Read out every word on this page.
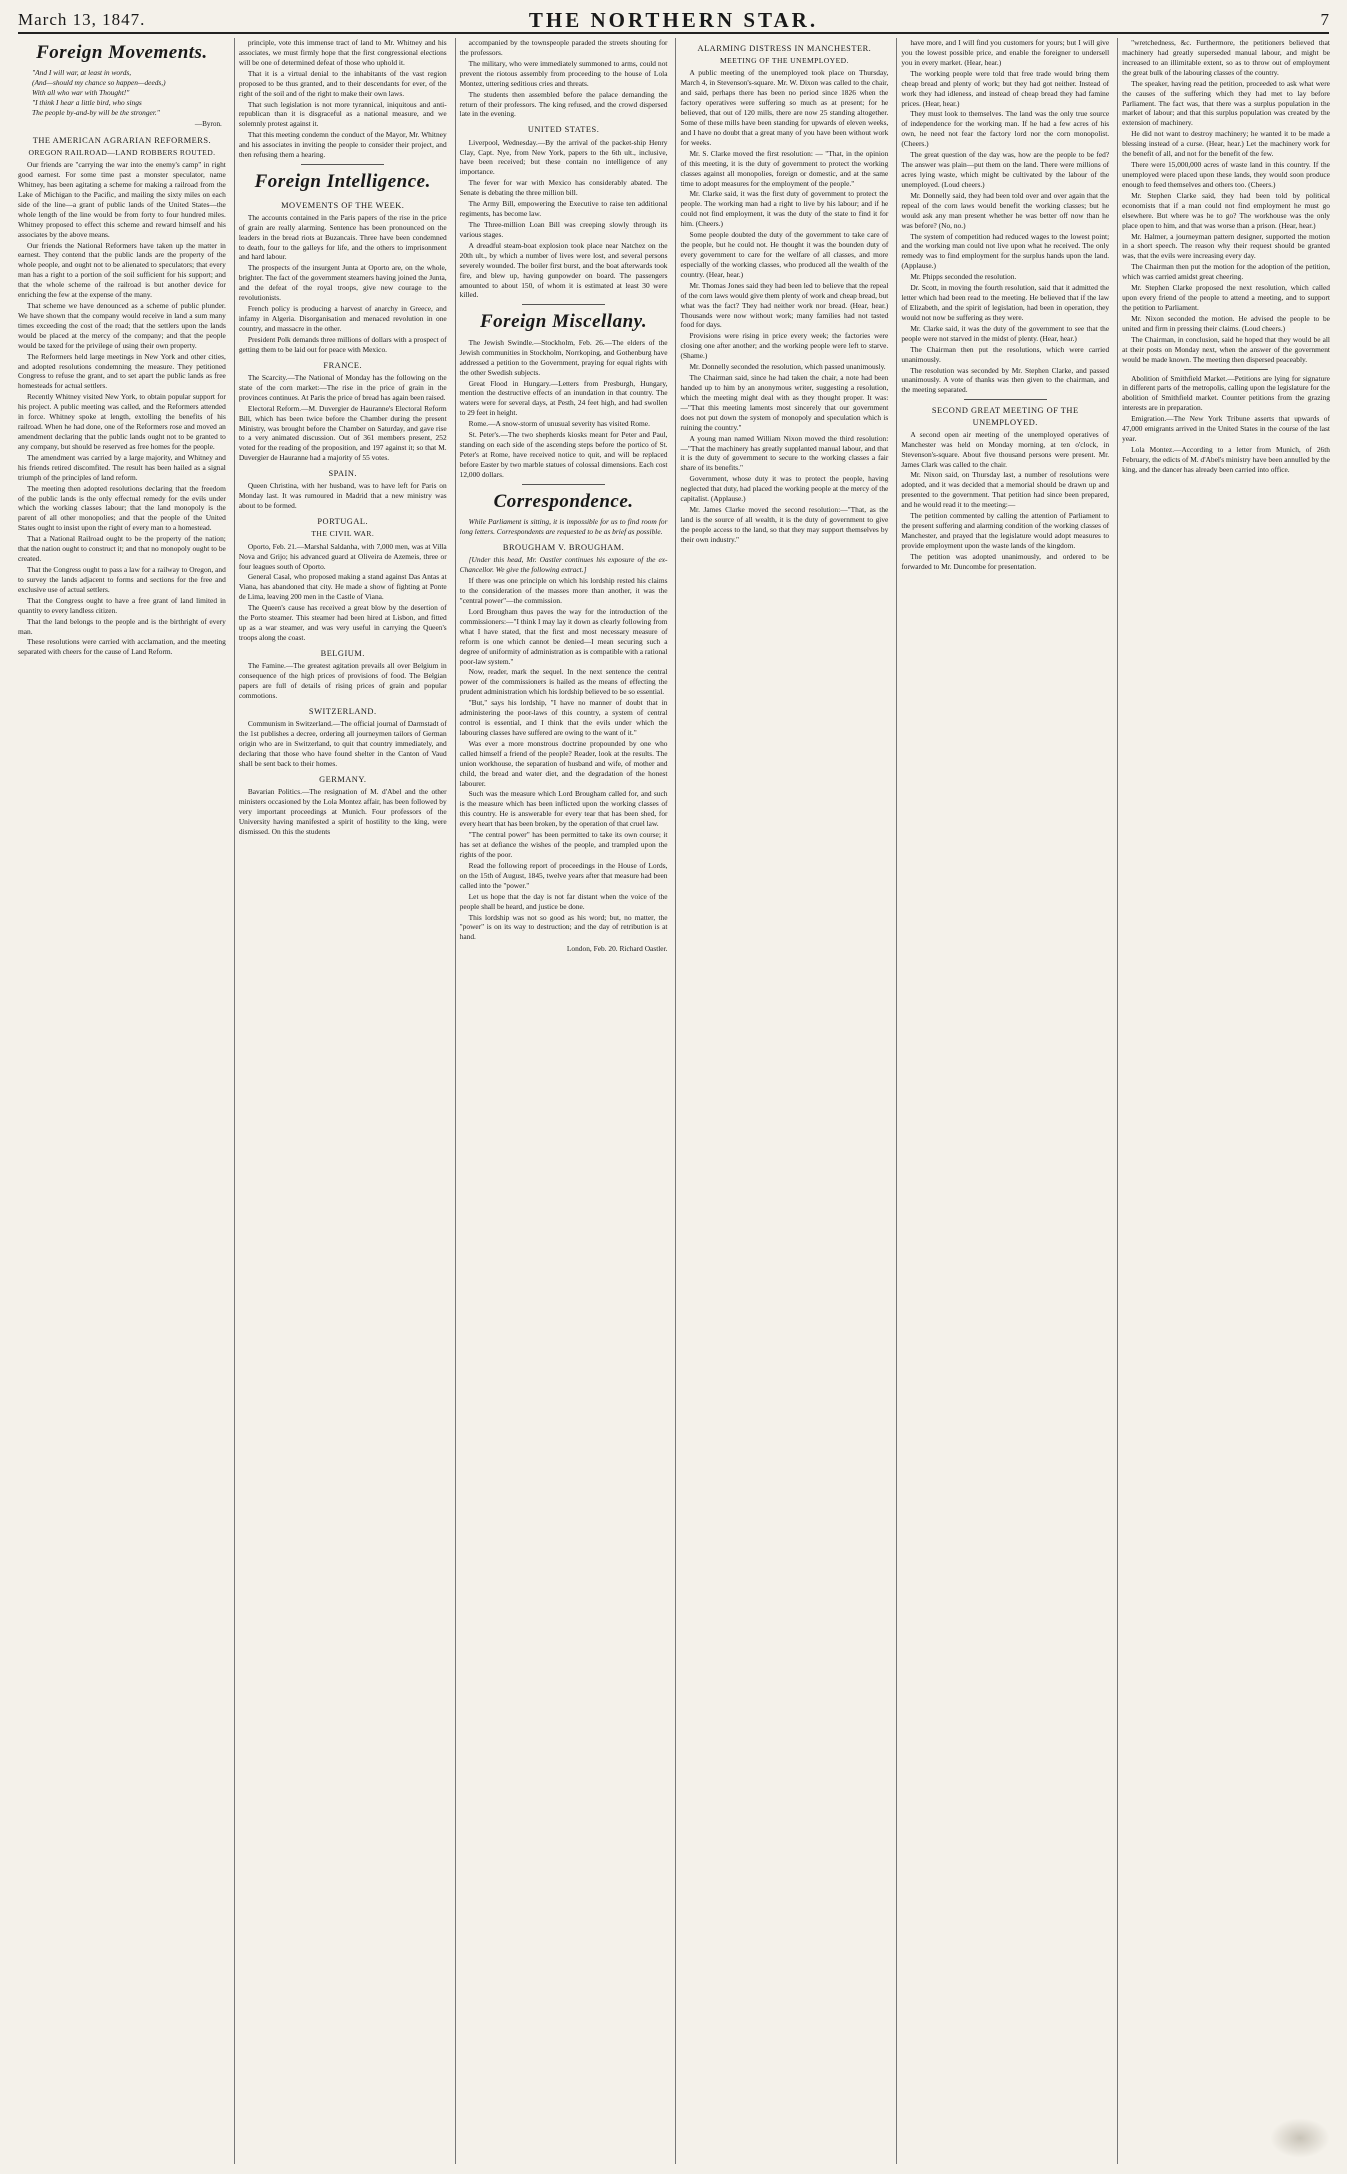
March 13, 1847.	THE NORTHERN STAR.	7
Foreign Movements.
"And I will war, at least in words,
(And—should my chance so happen—deeds,)
With all who war with Thought!"
"I think I hear a little bird, who sings
The people by-and-by will be the stronger."
—Byron.
THE AMERICAN AGRARIAN REFORMERS.
OREGON RAILROAD—LAND ROBBERS ROUTED.

Our friends are "carrying the war into the enemy's camp" in right good earnest. For some time past a monster speculator, name Whitney, has been agitating a scheme for making a railroad from the Lake of Michigan to the Pacific, and mailing the sixty miles on each side of the line—a grant of public lands of the United States—the whole length of the line would be from forty to four hundred miles. Whitney proposed to effect this scheme and reward himself and his associates by the above means.

Our friends the National Reformers have taken up the matter in earnest. They contend that the public lands are the property of the whole people, and ought not to be alienated to speculators; that every man has a right to a portion of the soil sufficient for his support; and that the whole scheme of the railroad is but another device for enriching the few at the expense of the many.

That scheme we have denounced as a scheme of public plunder. We have shown that the company would receive in land a sum many times exceeding the cost of the road; that the settlers upon the lands would be placed at the mercy of the company; and that the people would be taxed for the privilege of using their own property.

The Reformers held large meetings in New York and other cities, and adopted resolutions condemning the measure. They petitioned Congress to refuse the grant, and to set apart the public lands as free homesteads for actual settlers.

Recently Whitney visited New York, to obtain popular support for his project. A public meeting was called, and the Reformers attended in force. Whitney spoke at length, extolling the benefits of his railroad. When he had done, one of the Reformers rose and moved an amendment declaring that the public lands ought not to be granted to any company, but should be reserved as free homes for the people.

The amendment was carried by a large majority, and Whitney and his friends retired discomfited. The result has been hailed as a signal triumph of the principles of land reform.

The meeting then adopted resolutions declaring that the freedom of the public lands is the only effectual remedy for the evils under which the working classes labour; that the land monopoly is the parent of all other monopolies; and that the people of the United States ought to insist upon the right of every man to a homestead.

That a National Railroad ought to be the property of the nation; that the nation ought to construct it; and that no monopoly ought to be created.

That the Congress ought to pass a law for a railway to Oregon, and to survey the lands adjacent to forms and sections for the free and exclusive use of actual settlers.

That the Congress ought to have a free grant of land limited in quantity to every landless citizen.

That the land belongs to the people and is the birthright of every man.

These resolutions were carried with acclamation, and the meeting separated with cheers for the cause of Land Reform.

principle, vote this immense tract of land to Mr. Whitney and his associates, we must firmly hope that the first congressional elections will be one of determined defeat of those who uphold it.

That it is a virtual denial to the inhabitants of the vast region proposed to be thus granted, and to their descendants for ever, of the right of the soil and of the right to make their own laws.

That such legislation is not more tyrannical, iniquitous and anti-republican than it is disgraceful as a national measure, and we solemnly protest against it.

That this meeting condemn the conduct of the Mayor, Mr. Whitney and his associates in inviting the people to consider their project, and then refusing them a hearing.

Foreign Intelligence.
MOVEMENTS OF THE WEEK.

The accounts contained in the Paris papers of the rise in the price of grain are really alarming. Sentence has been pronounced on the leaders in the bread riots at Buzancais. Three have been condemned to death, four to the galleys for life, and the others to imprisonment and hard labour.

The prospects of the insurgent Junta at Oporto are, on the whole, brighter. The fact of the government steamers having joined the Junta, and the defeat of the royal troops, give new courage to the revolutionists.

French policy is producing a harvest of anarchy in Greece, and infamy in Algeria. Disorganisation and menaced revolution in one country, and massacre in the other.

President Polk demands three millions of dollars with a prospect of getting them to be laid out for peace with Mexico.

FRANCE.

The Scarcity.—The National of Monday has the following on the state of the corn market:—The rise in the price of grain in the provinces continues. At Paris the price of bread has again been raised.

Electoral Reform.—M. Duvergier de Hauranne's Electoral Reform Bill, which has been twice before the Chamber during the present Ministry, was brought before the Chamber on Saturday, and gave rise to a very animated discussion. Out of 361 members present, 252 voted for the reading of the proposition, and 197 against it; so that M. Duvergier de Hauranne had a majority of 55 votes.

SPAIN.

Queen Christina, with her husband, was to have left for Paris on Monday last. It was rumoured in Madrid that a new ministry was about to be formed.

PORTUGAL.
THE CIVIL WAR.

Oporto, Feb. 21.—Marshal Saldanha, with 7,000 men, was at Villa Nova and Grijo; his advanced guard at Oliveira de Azemeis, three or four leagues south of Oporto.

General Casal, who proposed making a stand against Das Antas at Viana, has abandoned that city. He made a show of fighting at Ponte de Lima, leaving 200 men in the Castle of Viana.

The Queen's cause has received a great blow by the desertion of the Porto steamer. This steamer had been hired at Lisbon, and fitted up as a war steamer, and was very useful in carrying the Queen's troops along the coast.

BELGIUM.

The Famine.—The greatest agitation prevails all over Belgium in consequence of the high prices of provisions of food. The Belgian papers are full of details of rising prices of grain and popular commotions.

SWITZERLAND.

Communism in Switzerland.—The official journal of Darmstadt of the 1st publishes a decree, ordering all journeymen tailors of German origin who are in Switzerland, to quit that country immediately, and declaring that those who have found shelter in the Canton of Vaud shall be sent back to their homes.

GERMANY.

Bavarian Politics.—The resignation of M. d'Abel and the other ministers occasioned by the Lola Montez affair, has been followed by very important proceedings at Munich. Four professors of the University having manifested a spirit of hostility to the king, were dismissed. On this the students

accompanied by the townspeople paraded the streets shouting for the professors.

The military, who were immediately summoned to arms, could not prevent the riotous assembly from proceeding to the house of Lola Montez, uttering seditious cries and threats.

The students then assembled before the palace demanding the return of their professors. The king refused, and the crowd dispersed late in the evening.

UNITED STATES.

Liverpool, Wednesday.—By the arrival of the packet-ship Henry Clay, Capt. Nye, from New York, papers to the 6th ult., inclusive, have been received; but these contain no intelligence of any importance.

The fever for war with Mexico has considerably abated. The Senate is debating the three million bill.

The Army Bill, empowering the Executive to raise ten additional regiments, has become law.

The Three-million Loan Bill was creeping slowly through its various stages.

A dreadful steam-boat explosion took place near Natchez on the 20th ult., by which a number of lives were lost, and several persons severely wounded. The boiler first burst, and the boat afterwards took fire, and blew up, having gunpowder on board. The passengers amounted to about 150, of whom it is estimated at least 30 were killed.

Foreign Miscellany.

The Jewish Swindle.—Stockholm, Feb. 26.—The elders of the Jewish communities in Stockholm, Norrkoping, and Gothenburg have addressed a petition to the Government, praying for equal rights with the other Swedish subjects.

Great Flood in Hungary.—Letters from Presburgh, Hungary, mention the destructive effects of an inundation in that country. The waters were for several days, at Pesth, 24 feet high, and had swollen to 29 feet in height.

Rome.—A snow-storm of unusual severity has visited Rome.

St. Peter's.—The two shepherds kiosks meant for Peter and Paul, standing on each side of the ascending steps before the portico of St. Peter's at Rome, have received notice to quit, and will be replaced before Easter by two marble statues of colossal dimensions. Each cost 12,000 dollars.

Correspondence.

While Parliament is sitting, it is impossible for us to find room for long letters. Correspondents are requested to be as brief as possible.

BROUGHAM V. BROUGHAM.

[Under this head, Mr. Oastler continues his exposure of the ex-Chancellor. We give the following extract.]

If there was one principle on which his lordship rested his claims to the consideration of the masses more than another, it was the "central power"—the commission.

Lord Brougham thus paves the way for the introduction of the commissioners:—"I think I may lay it down as clearly following from what I have stated, that the first and most necessary measure of reform is one which cannot be denied—I mean securing such a degree of uniformity of administration as is compatible with a rational poor-law system."

Now, reader, mark the sequel. In the next sentence the central power of the commissioners is hailed as the means of effecting the prudent administration which his lordship believed to be so essential.

"But," says his lordship, "I have no manner of doubt that in administering the poor-laws of this country, a system of central control is essential, and I think that the evils under which the labouring classes have suffered are owing to the want of it."

Was ever a more monstrous doctrine propounded by one who called himself a friend of the people? Reader, look at the results. The union workhouse, the separation of husband and wife, of mother and child, the bread and water diet, and the degradation of the honest labourer.

Such was the measure which Lord Brougham called for, and such is the measure which has been inflicted upon the working classes of this country. He is answerable for every tear that has been shed, for every heart that has been broken, by the operation of that cruel law.

"The central power" has been permitted to take its own course; it has set at defiance the wishes of the people, and trampled upon the rights of the poor.

Read the following report of proceedings in the House of Lords, on the 15th of August, 1845, twelve years after that measure had been called into the "power."

Let us hope that the day is not far distant when the voice of the people shall be heard, and justice be done.

This lordship was not so good as his word; but, no matter, the "power" is on its way to destruction; and the day of retribution is at hand.

London, Feb. 20. Richard Oastler.
ALARMING DISTRESS IN MANCHESTER.
MEETING OF THE UNEMPLOYED.

A public meeting of the unemployed took place on Thursday, March 4, in Stevenson's-square. Mr. W. Dixon was called to the chair, and said, perhaps there has been no period since 1826 when the factory operatives were suffering so much as at present; for he believed, that out of 120 mills, there are now 25 standing altogether. Some of these mills have been standing for upwards of eleven weeks, and I have no doubt that a great many of you have been without work for weeks.

Mr. S. Clarke moved the first resolution: — "That, in the opinion of this meeting, it is the duty of government to protect the working classes against all monopolies, foreign or domestic, and at the same time to adopt measures for the employment of the people."

Mr. Clarke said, it was the first duty of government to protect the people. The working man had a right to live by his labour; and if he could not find employment, it was the duty of the state to find it for him. (Cheers.)

Some people doubted the duty of the government to take care of the people, but he could not. He thought it was the bounden duty of every government to care for the welfare of all classes, and more especially of the working classes, who produced all the wealth of the country. (Hear, hear.)

Mr. Thomas Jones said they had been led to believe that the repeal of the corn laws would give them plenty of work and cheap bread, but what was the fact? They had neither work nor bread. (Hear, hear.) Thousands were now without work; many families had not tasted food for days.

Provisions were rising in price every week; the factories were closing one after another; and the working people were left to starve. (Shame.)

Mr. Donnelly seconded the resolution, which passed unanimously.

The Chairman said, since he had taken the chair, a note had been handed up to him by an anonymous writer, suggesting a resolution, which the meeting might deal with as they thought proper. It was:—"That this meeting laments most sincerely that our government does not put down the system of monopoly and speculation which is ruining the country."

A young man named William Nixon moved the third resolution:—"That the machinery has greatly supplanted manual labour, and that it is the duty of government to secure to the working classes a fair share of its benefits."

Government, whose duty it was to protect the people, having neglected that duty, had placed the working people at the mercy of the capitalist. (Applause.)

Mr. James Clarke moved the second resolution:—"That, as the land is the source of all wealth, it is the duty of government to give the people access to the land, so that they may support themselves by their own industry."

have more, and I will find you customers for yours; but I will give you the lowest possible price, and enable the foreigner to undersell you in every market. (Hear, hear.)

The working people were told that free trade would bring them cheap bread and plenty of work; but they had got neither. Instead of work they had idleness, and instead of cheap bread they had famine prices. (Hear, hear.)

They must look to themselves. The land was the only true source of independence for the working man. If he had a few acres of his own, he need not fear the factory lord nor the corn monopolist. (Cheers.)

The great question of the day was, how are the people to be fed? The answer was plain—put them on the land. There were millions of acres lying waste, which might be cultivated by the labour of the unemployed. (Loud cheers.)

Mr. Donnelly said, they had been told over and over again that the repeal of the corn laws would benefit the working classes; but he would ask any man present whether he was better off now than he was before? (No, no.)

The system of competition had reduced wages to the lowest point; and the working man could not live upon what he received. The only remedy was to find employment for the surplus hands upon the land. (Applause.)

Mr. Phipps seconded the resolution.

Dr. Scott, in moving the fourth resolution, said that it admitted the letter which had been read to the meeting. He believed that if the law of Elizabeth, and the spirit of legislation, had been in operation, they would not now be suffering as they were.

Mr. Clarke said, it was the duty of the government to see that the people were not starved in the midst of plenty. (Hear, hear.)

The Chairman then put the resolutions, which were carried unanimously.

The resolution was seconded by Mr. Stephen Clarke, and passed unanimously. A vote of thanks was then given to the chairman, and the meeting separated.

SECOND GREAT MEETING OF THE UNEMPLOYED.

A second open air meeting of the unemployed operatives of Manchester was held on Monday morning, at ten o'clock, in Stevenson's-square. About five thousand persons were present. Mr. James Clark was called to the chair.

Mr. Nixon said, on Thursday last, a number of resolutions were adopted, and it was decided that a memorial should be drawn up and presented to the government. That petition had since been prepared, and he would read it to the meeting:—

The petition commented by calling the attention of Parliament to the present suffering and alarming condition of the working classes of Manchester, and prayed that the legislature would adopt measures to provide employment upon the waste lands of the kingdom.

The petition was adopted unanimously, and ordered to be forwarded to Mr. Duncombe for presentation.

"wretchedness, &c. Furthermore, the petitioners believed that machinery had greatly superseded manual labour, and might be increased to an illimitable extent, so as to throw out of employment the great bulk of the labouring classes of the country.

The speaker, having read the petition, proceeded to ask what were the causes of the suffering which they had met to lay before Parliament. The fact was, that there was a surplus population in the market of labour; and that this surplus population was created by the extension of machinery.

He did not want to destroy machinery; he wanted it to be made a blessing instead of a curse. (Hear, hear.) Let the machinery work for the benefit of all, and not for the benefit of the few.

There were 15,000,000 acres of waste land in this country. If the unemployed were placed upon these lands, they would soon produce enough to feed themselves and others too. (Cheers.)

Mr. Stephen Clarke said, they had been told by political economists that if a man could not find employment he must go elsewhere. But where was he to go? The workhouse was the only place open to him, and that was worse than a prison. (Hear, hear.)

Mr. Halmer, a journeyman pattern designer, supported the motion in a short speech. The reason why their request should be granted was, that the evils were increasing every day.

The Chairman then put the motion for the adoption of the petition, which was carried amidst great cheering.

Mr. Stephen Clarke proposed the next resolution, which called upon every friend of the people to attend a meeting, and to support the petition to Parliament.

Mr. Nixon seconded the motion. He advised the people to be united and firm in pressing their claims. (Loud cheers.)

The Chairman, in conclusion, said he hoped that they would be all at their posts on Monday next, when the answer of the government would be made known. The meeting then dispersed peaceably.

Abolition of Smithfield Market.—Petitions are lying for signature in different parts of the metropolis, calling upon the legislature for the abolition of Smithfield market. Counter petitions from the grazing interests are in preparation.

Emigration.—The New York Tribune asserts that upwards of 47,000 emigrants arrived in the United States in the course of the last year.

Lola Montez.—According to a letter from Munich, of 26th February, the edicts of M. d'Abel's ministry have been annulled by the king, and the dancer has already been carried into office.
